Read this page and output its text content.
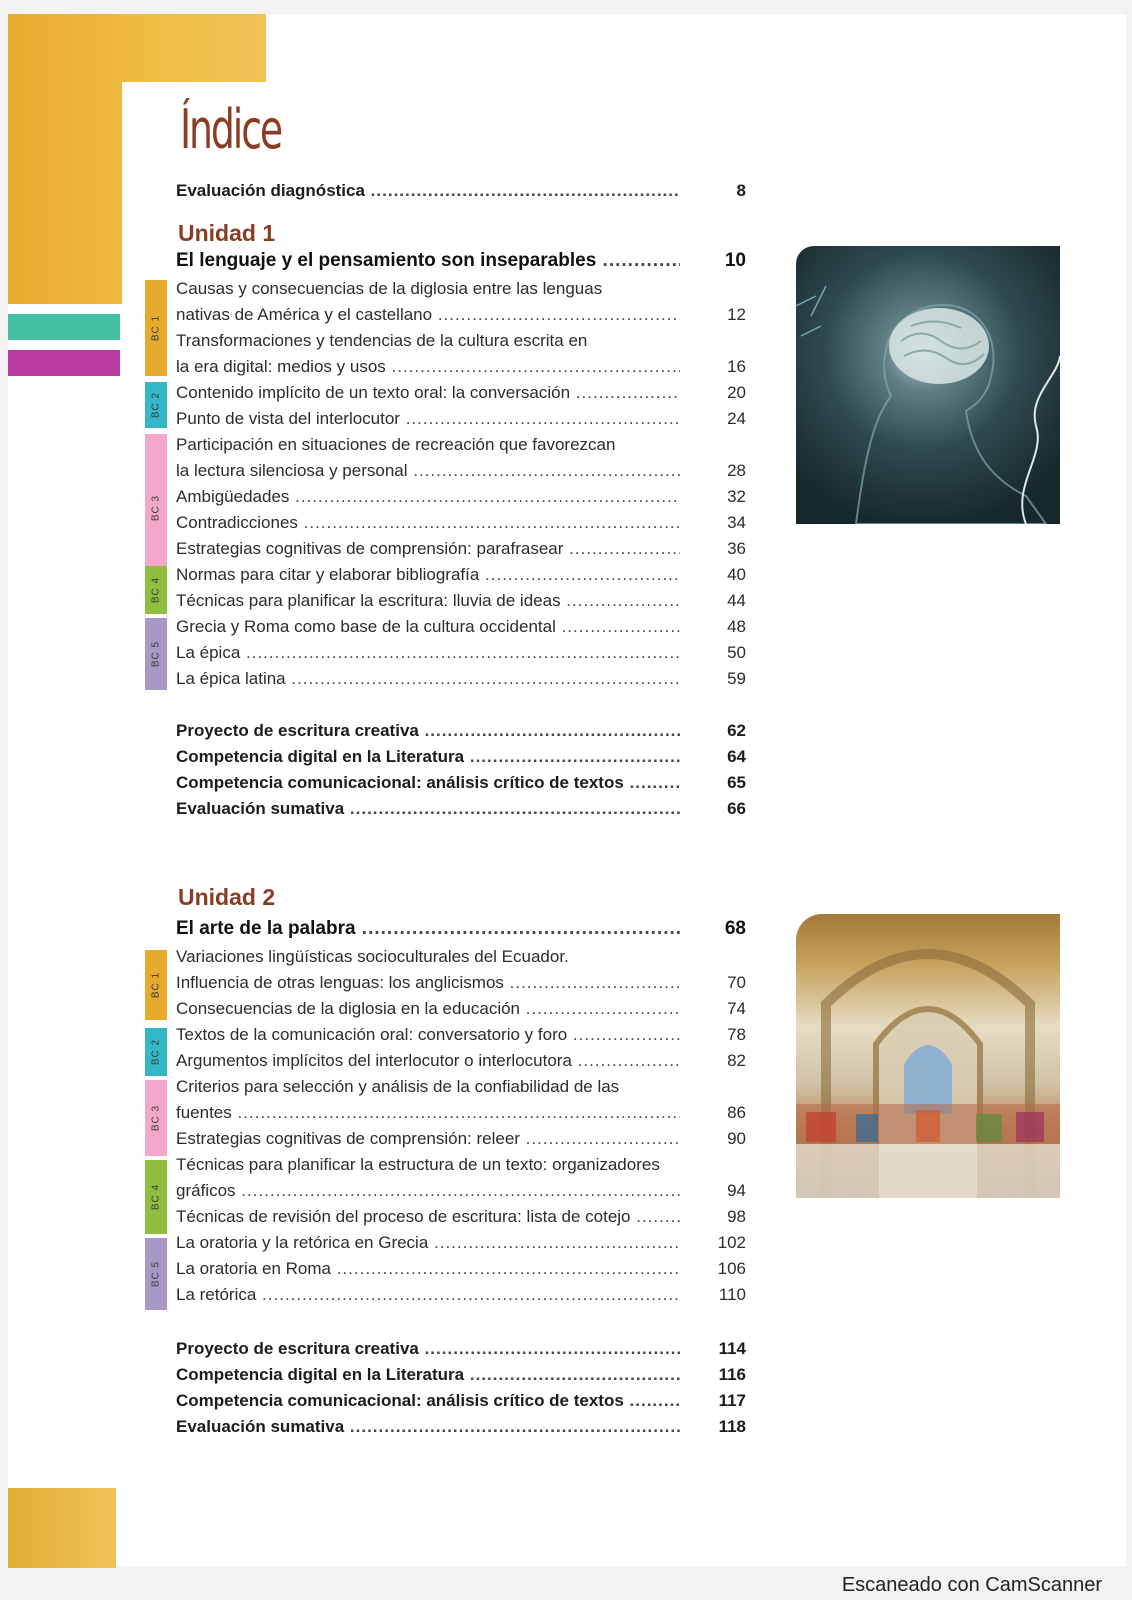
Índice
Evaluación diagnóstica .....	8
Unidad 1
El lenguaje y el pensamiento son inseparables .....	10
BC 1
BC 2
BC 3
BC 4
BC 5
Causas y consecuencias de la diglosia entre las lenguas
nativas de América y el castellano .....	12
Transformaciones y tendencias de la cultura escrita en
la era digital: medios y usos .....	16
Contenido implícito de un texto oral: la conversación .....	20
Punto de vista del interlocutor .....	24
Participación en situaciones de recreación que favorezcan
la lectura silenciosa y personal .....	28
Ambigüedades .....	32
Contradicciones .....	34
Estrategias cognitivas de comprensión: parafrasear .....	36
Normas para citar y elaborar bibliografía .....	40
Técnicas para planificar la escritura: lluvia de ideas .....	44
Grecia y Roma como base de la cultura occidental .....	48
La épica .....	50
La épica latina .....	59
Proyecto de escritura creativa .....	62
Competencia digital en la Literatura .....	64
Competencia comunicacional: análisis crítico de textos .....	65
Evaluación sumativa .....	66
Unidad 2
El arte de la palabra .....	68
BC 1
BC 2
BC 3
BC 4
BC 5
Variaciones lingüísticas socioculturales del Ecuador.
Influencia de otras lenguas: los anglicismos .....	70
Consecuencias de la diglosia en la educación .....	74
Textos de la comunicación oral: conversatorio y foro .....	78
Argumentos implícitos del interlocutor o interlocutora .....	82
Criterios para selección y análisis de la confiabilidad de las
fuentes .....	86
Estrategias cognitivas de comprensión: releer .....	90
Técnicas para planificar la estructura de un texto: organizadores
gráficos .....	94
Técnicas de revisión del proceso de escritura: lista de cotejo .....	98
La oratoria y la retórica en Grecia .....	102
La oratoria en Roma .....	106
La retórica .....	110
Proyecto de escritura creativa .....	114
Competencia digital en la Literatura .....	116
Competencia comunicacional: análisis crítico de textos .....	117
Evaluación sumativa .....	118
Escaneado con CamScanner
